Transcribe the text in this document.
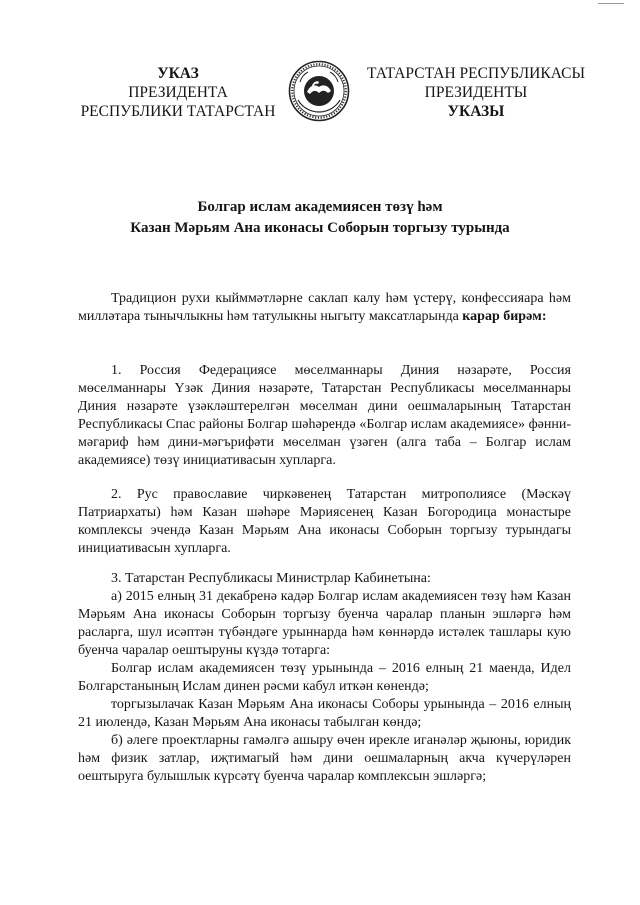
УКАЗ
ПРЕЗИДЕНТА
РЕСПУБЛИКИ ТАТАРСТАН
ТАТАРСТАН РЕСПУБЛИКАСЫ
ПРЕЗИДЕНТЫ
УКАЗЫ
Болгар ислам академиясен төзү һәм
Казан Мәрьям Ана иконасы Соборын торгызу турында

Традицион рухи кыйммәтләрне саклап калу һәм үстерү, конфессияара һәм милләтара тынычлыкны һәм татулыкны ныгыту максатларында карар бирәм:

1. Россия Федерациясе мөселманнары Диния нәзарәте, Россия мөселманнары Үзәк Диния нәзарәте, Татарстан Республикасы мөселманнары Диния нәзарәте үзәкләштерелгән мөселман дини оешмаларының Татарстан Республикасы Спас районы Болгар шәһәрендә «Болгар ислам академиясе» фәнни-мәгариф һәм дини-мәгърифәти мөселман үзәген (алга таба – Болгар ислам академиясе) төзү инициативасын хупларга.

2. Рус православие чиркәвенең Татарстан митрополиясе (Мәскәү Патриархаты) һәм Казан шәһәре Мәриясенең Казан Богородица монастыре комплексы эчендә Казан Мәрьям Ана иконасы Соборын торгызу турындагы инициативасын хупларга.

3. Татарстан Республикасы Министрлар Кабинетына:

а) 2015 елның 31 декабренә кадәр Болгар ислам академиясен төзү һәм Казан Мәрьям Ана иконасы Соборын торгызу буенча чаралар планын эшләргә һәм расларга, шул исәптән түбәндәге урыннарда һәм көннәрдә истәлек ташлары кую буенча чаралар оештыруны күздә тотарга:

Болгар ислам академиясен төзү урынында – 2016 елның 21 маенда, Идел Болгарстанының Ислам динен рәсми кабул иткән көнендә;

торгызылачак Казан Мәрьям Ана иконасы Соборы урынында – 2016 елның 21 июлендә, Казан Мәрьям Ана иконасы табылган көндә;

б) әлеге проектларны гамәлгә ашыру өчен ирекле иганәләр җыюны, юридик һәм физик затлар, иҗтимагый һәм дини оешмаларның акча күчерүләрен оештыруга булышлык күрсәтү буенча чаралар комплексын эшләргә;
